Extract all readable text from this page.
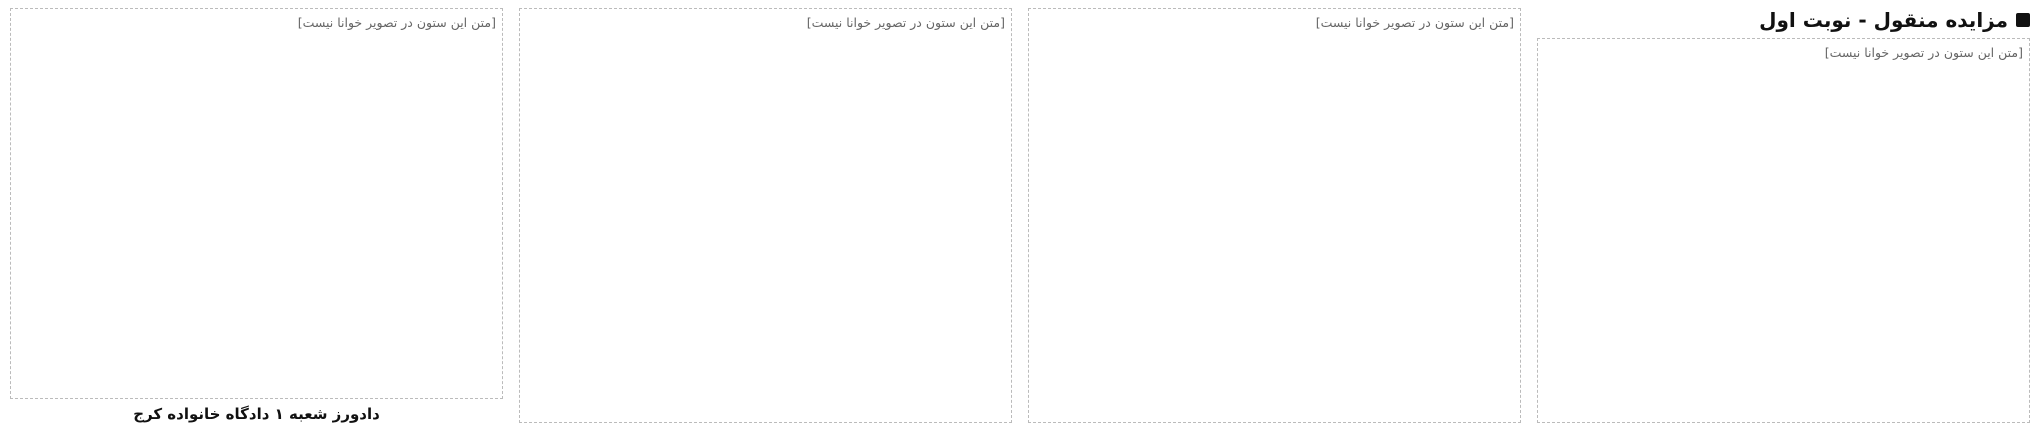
مزایده منقول - نوبت اول
[متن این ستون در تصویر خوانا نیست]
[متن این ستون در تصویر خوانا نیست]
[متن این ستون در تصویر خوانا نیست]
[متن این ستون در تصویر خوانا نیست]
دادورز شعبه ۱ دادگاه خانواده کرج
